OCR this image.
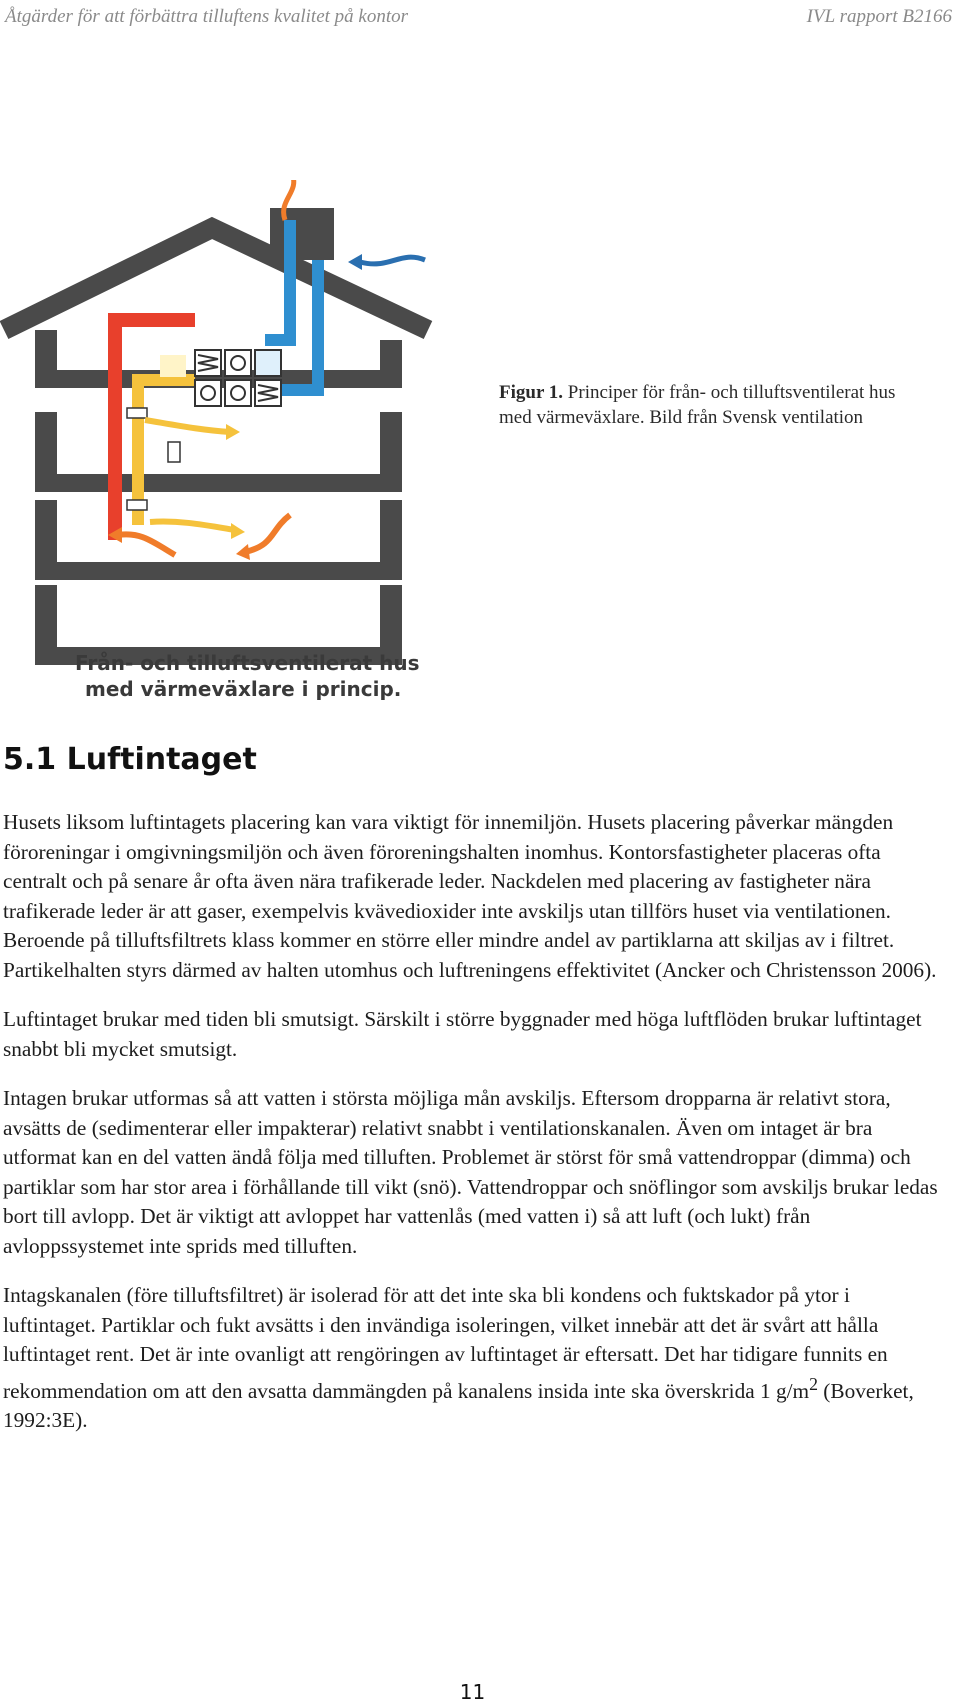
Åtgärder för att förbättra tilluftens kvalitet på kontor	IVL rapport B2166
Från- och tilluftsventilerat hus
med värmeväxlare i princip.
Figur 1. Principer för från- och tilluftsventilerat hus med värmeväxlare. Bild från Svensk ventilation
5.1 Luftintaget

Husets liksom luftintagets placering kan vara viktigt för innemiljön. Husets placering påverkar mängden föroreningar i omgivningsmiljön och även föroreningshalten inomhus. Kontorsfastigheter placeras ofta centralt och på senare år ofta även nära trafikerade leder. Nackdelen med placering av fastigheter nära trafikerade leder är att gaser, exempelvis kvävedioxider inte avskiljs utan tillförs huset via ventilationen. Beroende på tilluftsfiltrets klass kommer en större eller mindre andel av partiklarna att skiljas av i filtret. Partikelhalten styrs därmed av halten utomhus och luftreningens effektivitet (Ancker och Christensson 2006).

Luftintaget brukar med tiden bli smutsigt. Särskilt i större byggnader med höga luftflöden brukar luftintaget snabbt bli mycket smutsigt.

Intagen brukar utformas så att vatten i största möjliga mån avskiljs. Eftersom dropparna är relativt stora, avsätts de (sedimenterar eller impakterar) relativt snabbt i ventilationskanalen. Även om intaget är bra utformat kan en del vatten ändå följa med tilluften. Problemet är störst för små vattendroppar (dimma) och partiklar som har stor area i förhållande till vikt (snö). Vattendroppar och snöflingor som avskiljs brukar ledas bort till avlopp. Det är viktigt att avloppet har vattenlås (med vatten i) så att luft (och lukt) från avloppssystemet inte sprids med tilluften.

Intagskanalen (före tilluftsfiltret) är isolerad för att det inte ska bli kondens och fuktskador på ytor i luftintaget. Partiklar och fukt avsätts i den invändiga isoleringen, vilket innebär att det är svårt att hålla luftintaget rent. Det är inte ovanligt att rengöringen av luftintaget är eftersatt. Det har tidigare funnits en rekommendation om att den avsatta dammängden på kanalens insida inte ska överskrida 1 $g/m^2$ (Boverket, 1992:3E).

11
